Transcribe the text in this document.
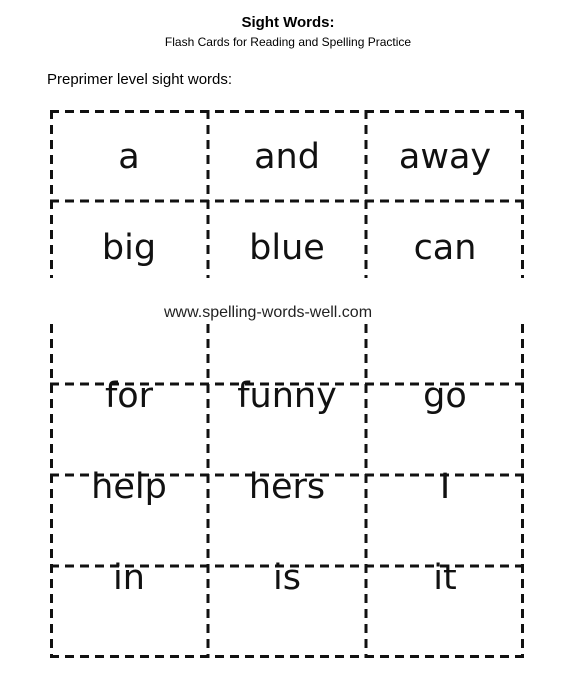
Sight Words:
Flash Cards for Reading and Spelling Practice
Preprimer level sight words:
a	and	away
big	blue	can
www.spelling-words-well.com
for	funny	go
help	hers	I
in	is	it
